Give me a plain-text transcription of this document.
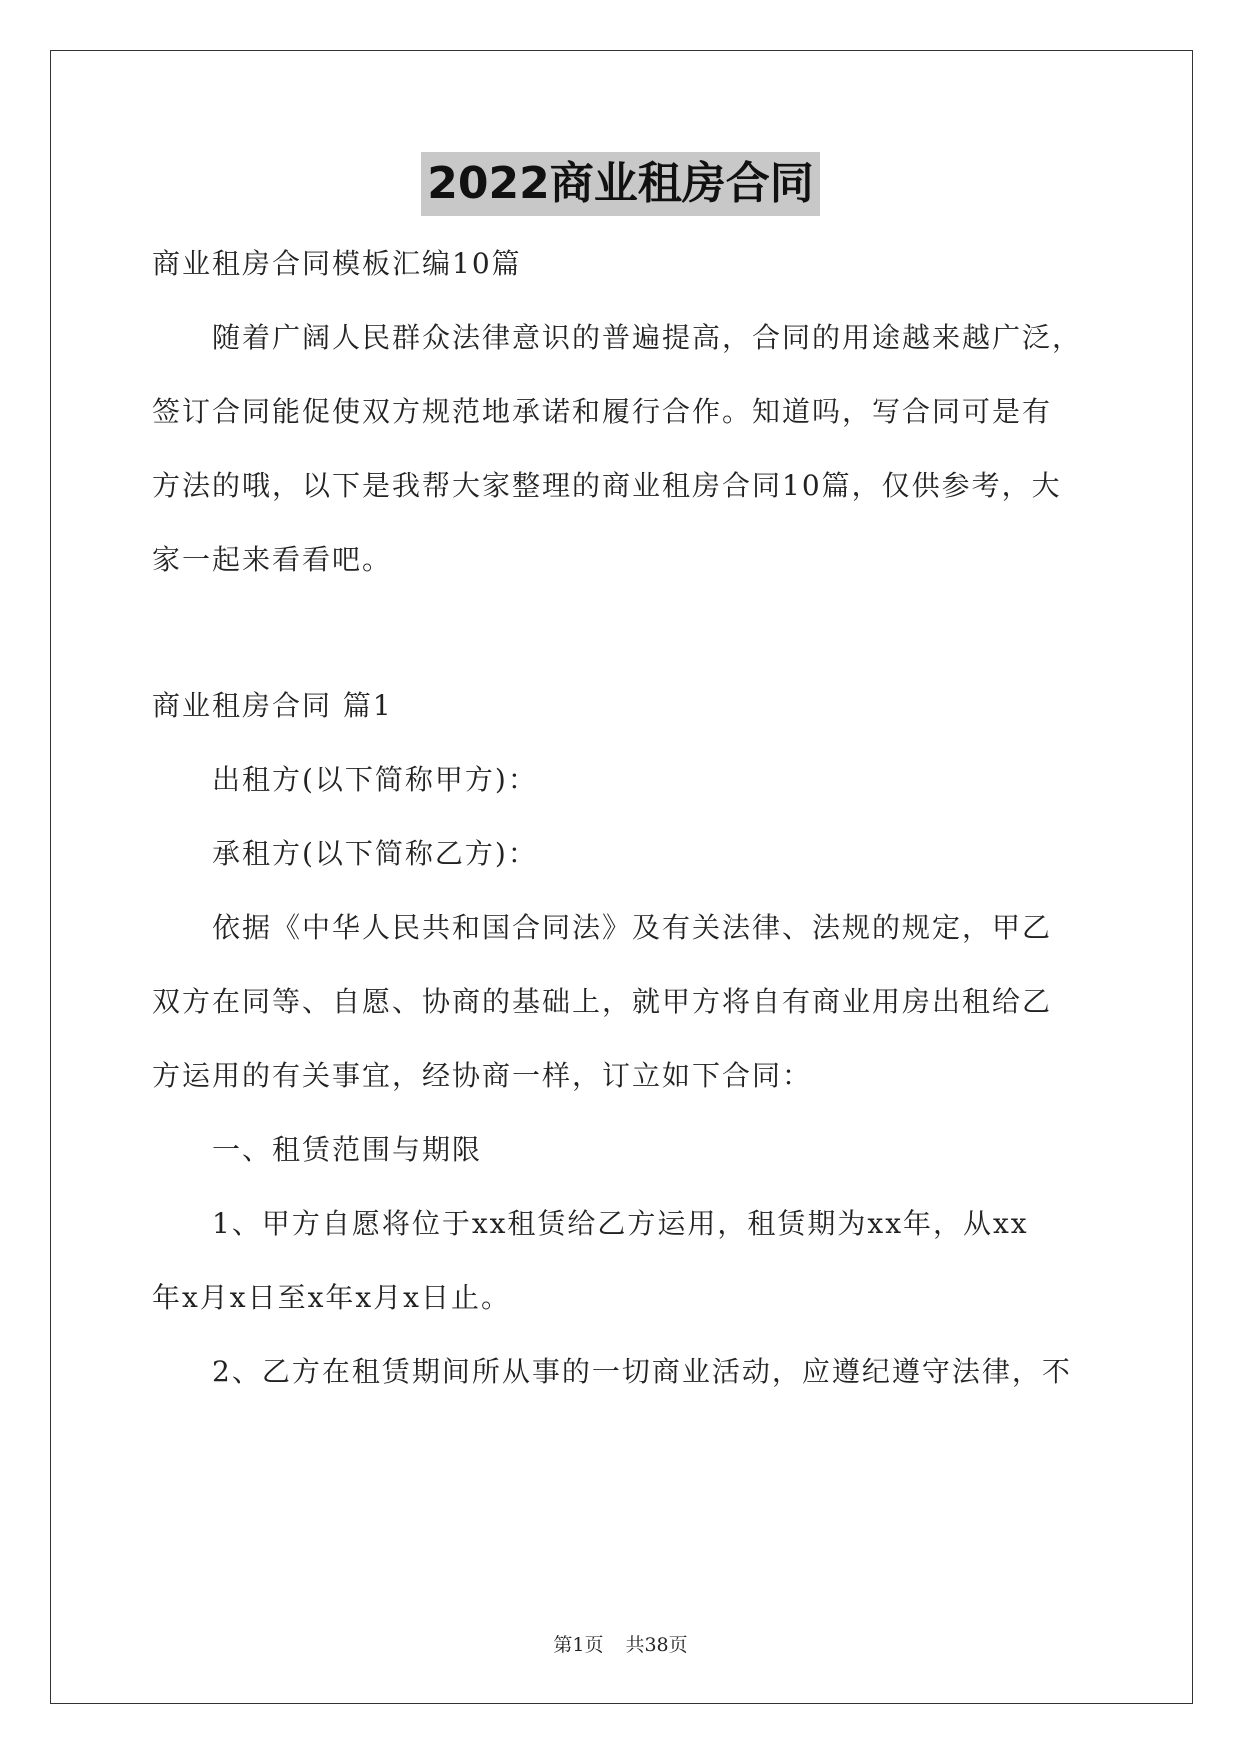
2022商业租房合同
商业租房合同模板汇编10篇
随着广阔人民群众法律意识的普遍提高，合同的用途越来越广泛，
签订合同能促使双方规范地承诺和履行合作。知道吗，写合同可是有
方法的哦，以下是我帮大家整理的商业租房合同10篇，仅供参考，大
家一起来看看吧。
商业租房合同 篇1
出租方(以下简称甲方)：
承租方(以下简称乙方)：
依据《中华人民共和国合同法》及有关法律、法规的规定，甲乙
双方在同等、自愿、协商的基础上，就甲方将自有商业用房出租给乙
方运用的有关事宜，经协商一样，订立如下合同：
一、租赁范围与期限
1、甲方自愿将位于xx租赁给乙方运用，租赁期为xx年，从xx
年x月x日至x年x月x日止。
2、乙方在租赁期间所从事的一切商业活动，应遵纪遵守法律，不
第1页 共38页
